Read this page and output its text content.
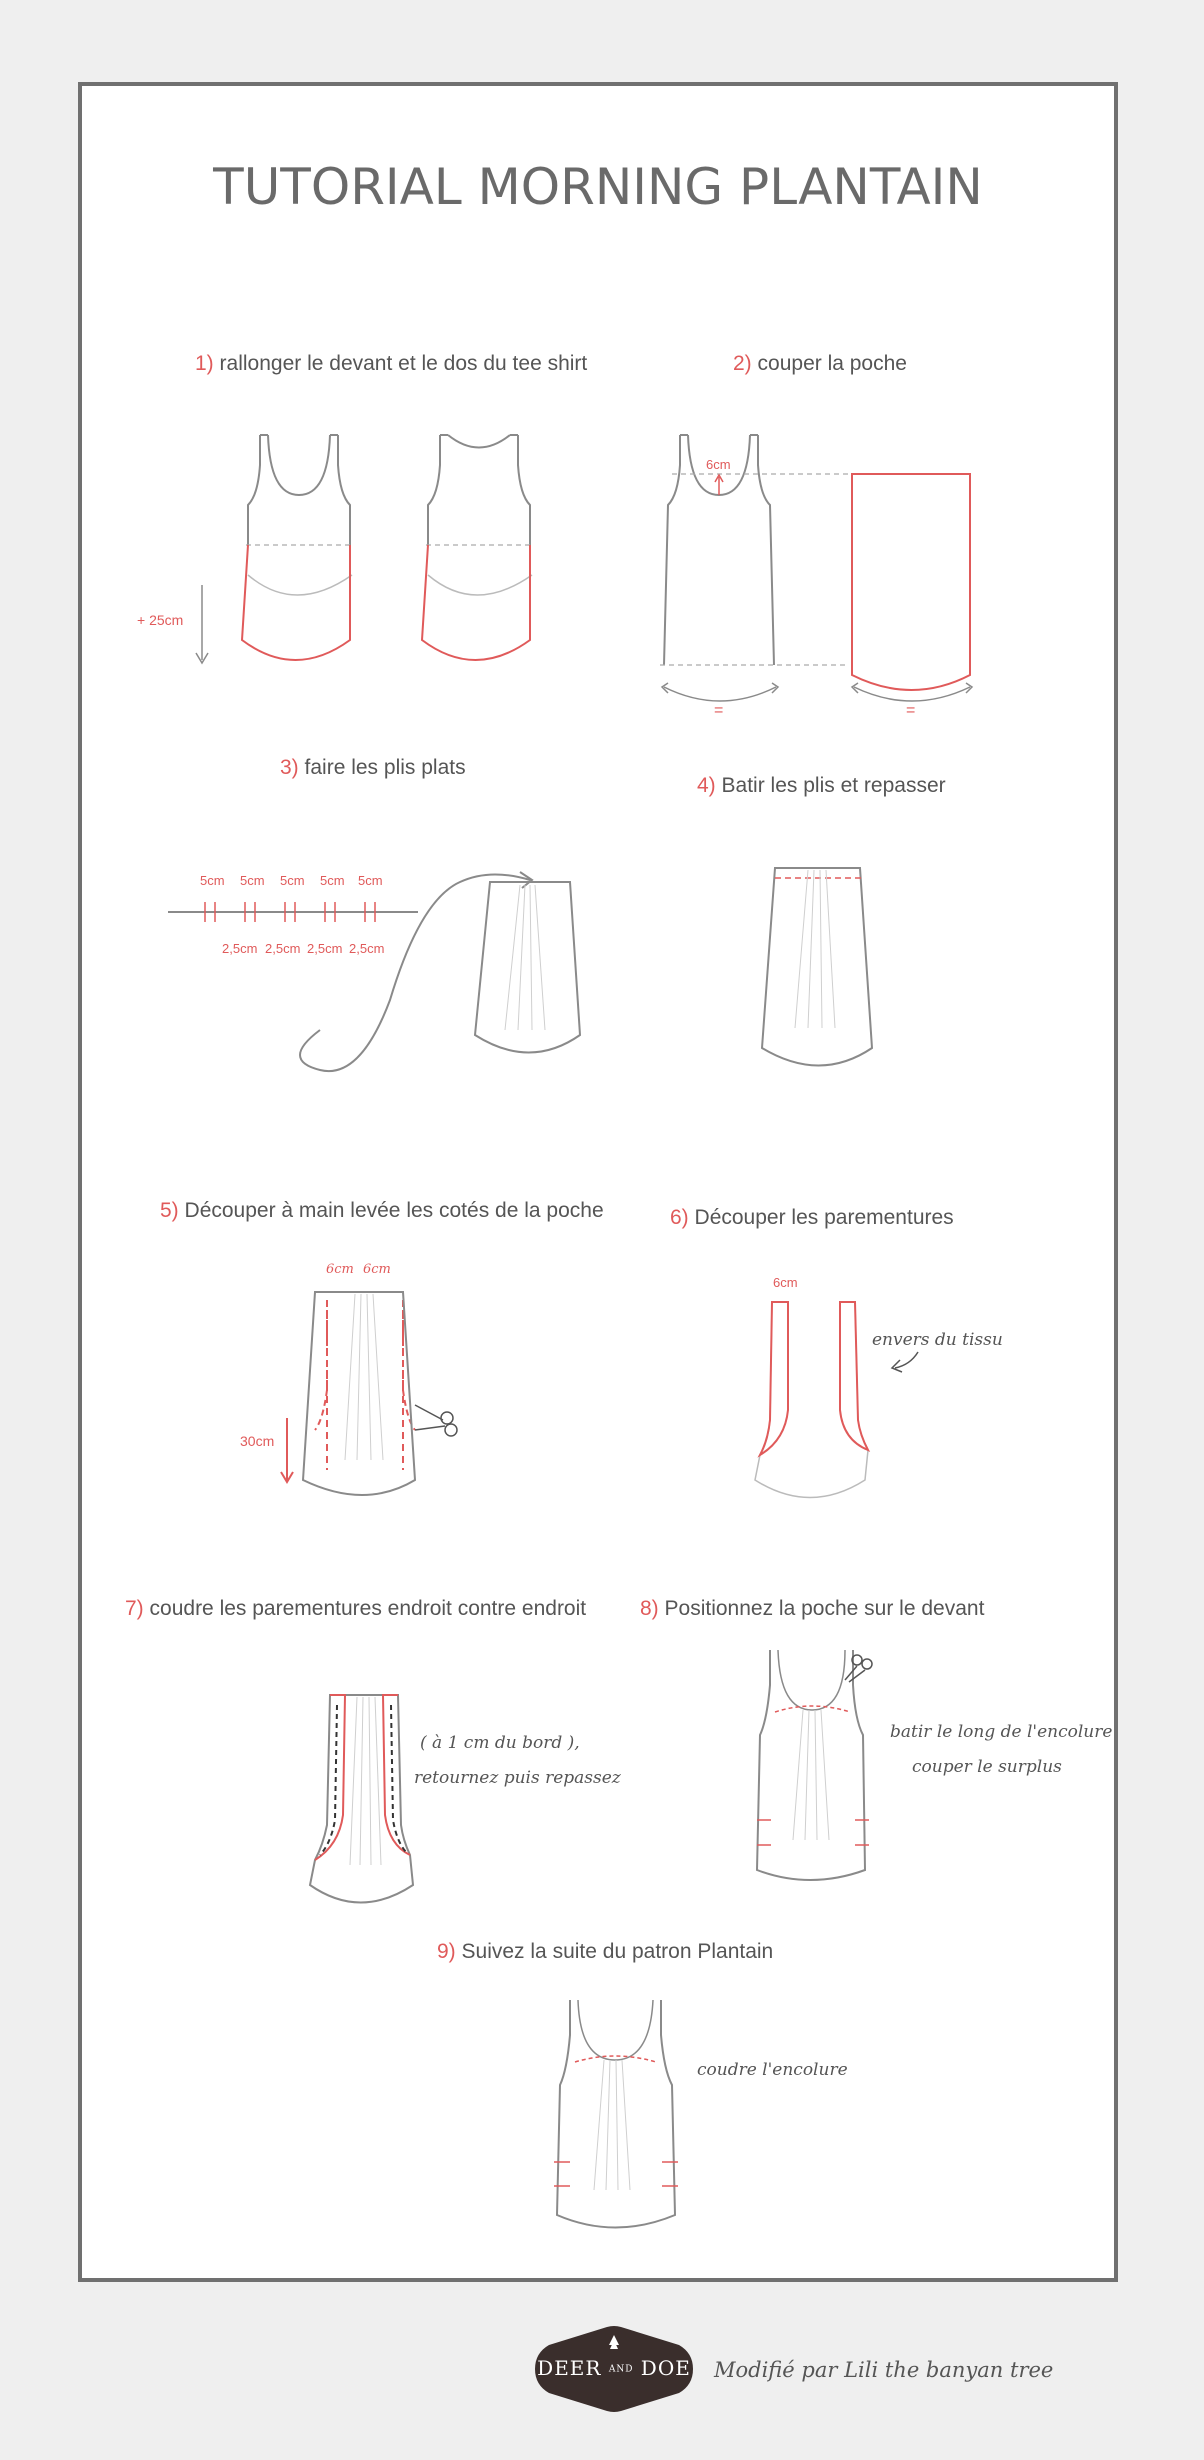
TUTORIAL MORNING PLANTAIN
1) rallonger le devant et le dos du tee shirt	2) couper la poche
3) faire les plis plats
4) Batir les plis et repasser
5) Découper à main levée les cotés de la poche	6) Découper les parementures
7) coudre les parementures endroit contre endroit	8) Positionnez la poche sur le devant
9) Suivez la suite du patron Plantain
+ 25cm
6cm
=	=
5cm 5cm 5cm 5cm 5cm
2,5cm 2,5cm 2,5cm 2,5cm
6cm 6cm
30cm
6cm
envers du tissu
( à 1 cm du bord ),
retournez puis repassez
batir le long de l'encolure
couper le surplus
coudre l'encolure
DEER AND DOE Modifié par Lili the banyan tree
